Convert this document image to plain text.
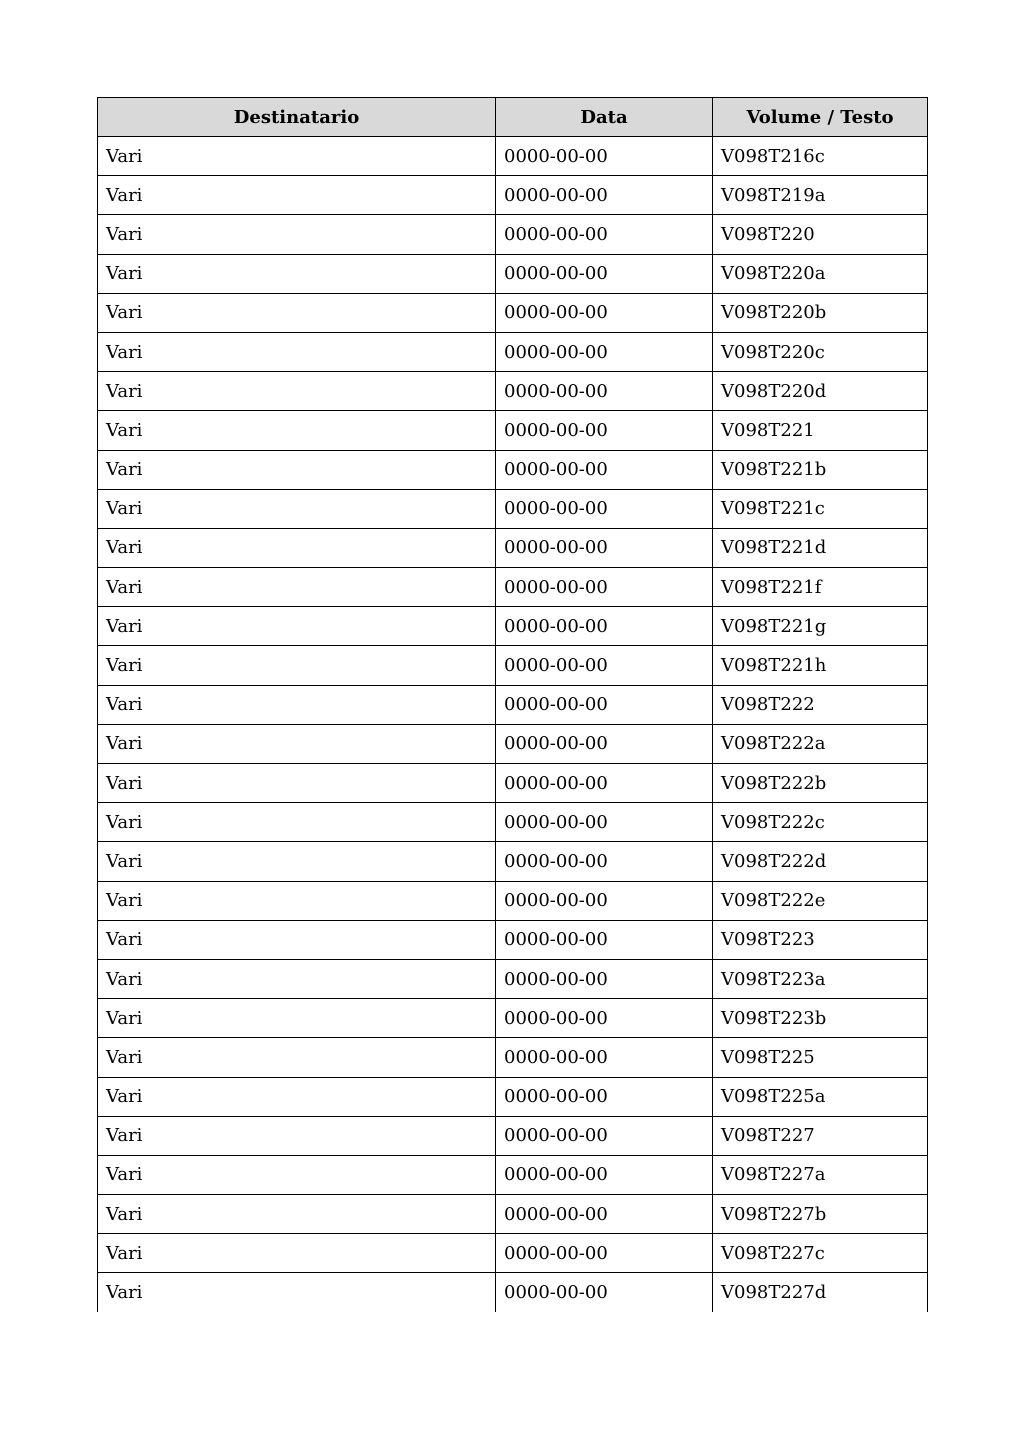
Destinatario	Data	Volume / Testo
Vari	0000-00-00	V098T216c
Vari	0000-00-00	V098T219a
Vari	0000-00-00	V098T220
Vari	0000-00-00	V098T220a
Vari	0000-00-00	V098T220b
Vari	0000-00-00	V098T220c
Vari	0000-00-00	V098T220d
Vari	0000-00-00	V098T221
Vari	0000-00-00	V098T221b
Vari	0000-00-00	V098T221c
Vari	0000-00-00	V098T221d
Vari	0000-00-00	V098T221f
Vari	0000-00-00	V098T221g
Vari	0000-00-00	V098T221h
Vari	0000-00-00	V098T222
Vari	0000-00-00	V098T222a
Vari	0000-00-00	V098T222b
Vari	0000-00-00	V098T222c
Vari	0000-00-00	V098T222d
Vari	0000-00-00	V098T222e
Vari	0000-00-00	V098T223
Vari	0000-00-00	V098T223a
Vari	0000-00-00	V098T223b
Vari	0000-00-00	V098T225
Vari	0000-00-00	V098T225a
Vari	0000-00-00	V098T227
Vari	0000-00-00	V098T227a
Vari	0000-00-00	V098T227b
Vari	0000-00-00	V098T227c
Vari	0000-00-00	V098T227d
